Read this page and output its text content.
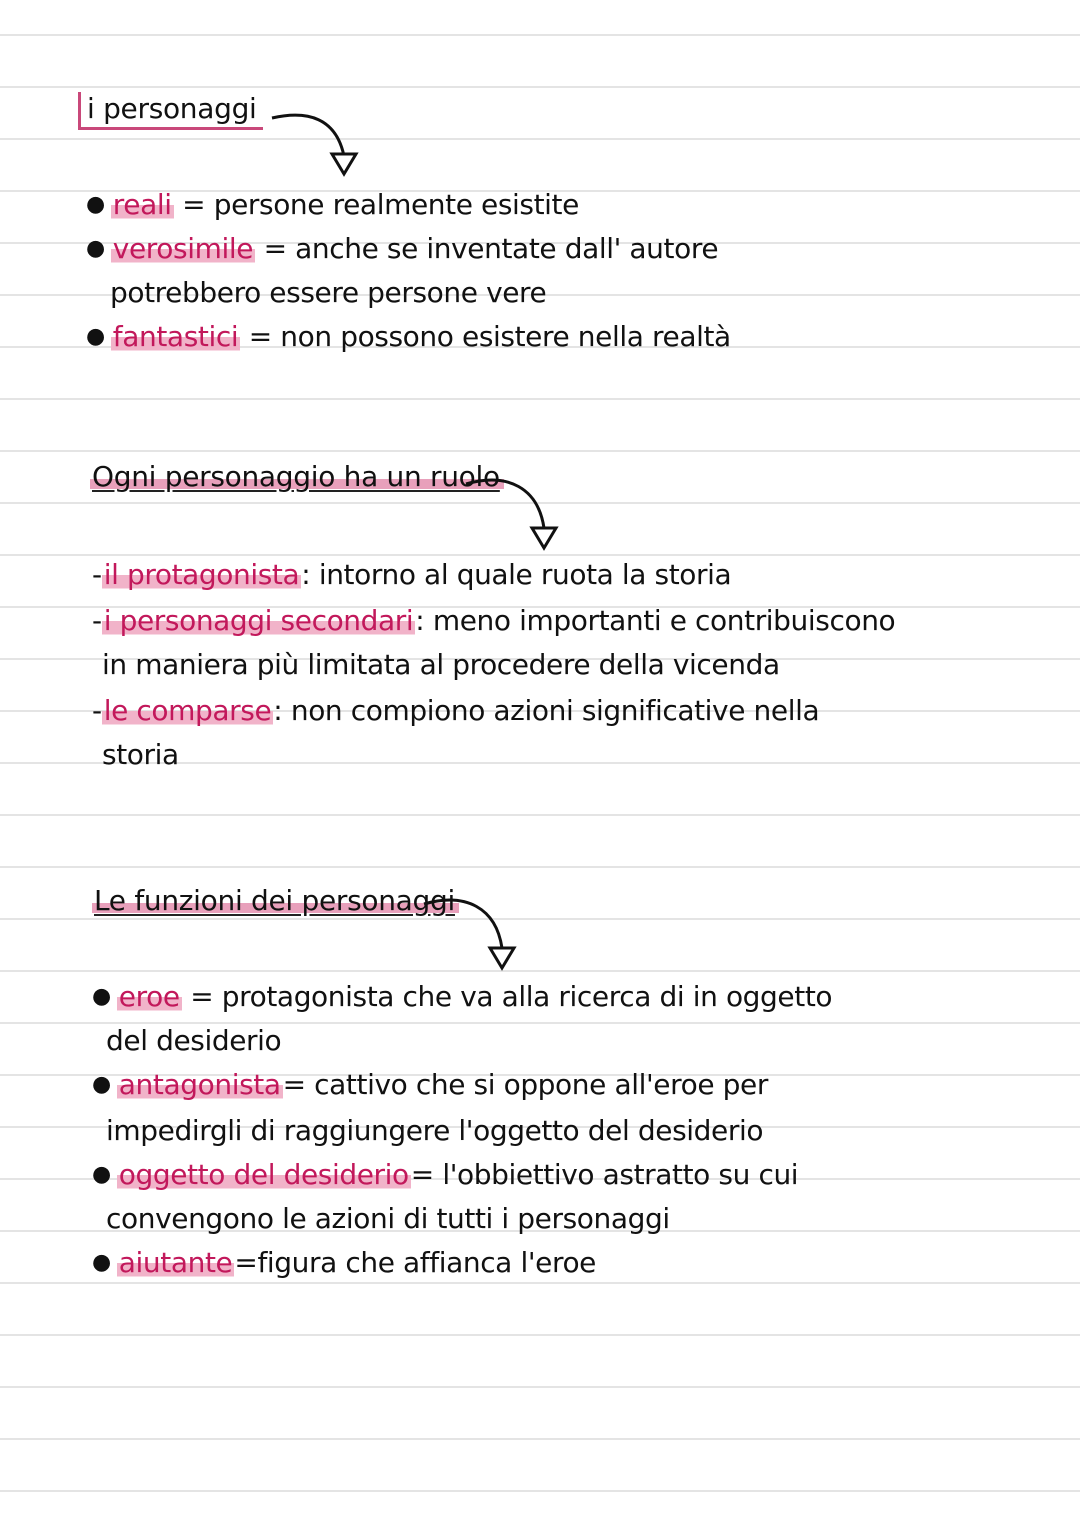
i personaggi
● reali = persone realmente esistite
● verosimile = anche se inventate dall' autore
potrebbero essere persone vere
● fantastici = non possono esistere nella realtà
Ogni personaggio ha un ruolo
-il protagonista: intorno al quale ruota la storia
-i personaggi secondari: meno importanti e contribuiscono
in maniera più limitata al procedere della vicenda
-le comparse: non compiono azioni significative nella
storia
Le funzioni dei personaggi
● eroe = protagonista che va alla ricerca di in oggetto
del desiderio
● antagonista= cattivo che si oppone all'eroe per
impedirgli di raggiungere l'oggetto del desiderio
● oggetto del desiderio= l'obbiettivo astratto su cui
convengono le azioni di tutti i personaggi
● aiutante=figura che affianca l'eroe
